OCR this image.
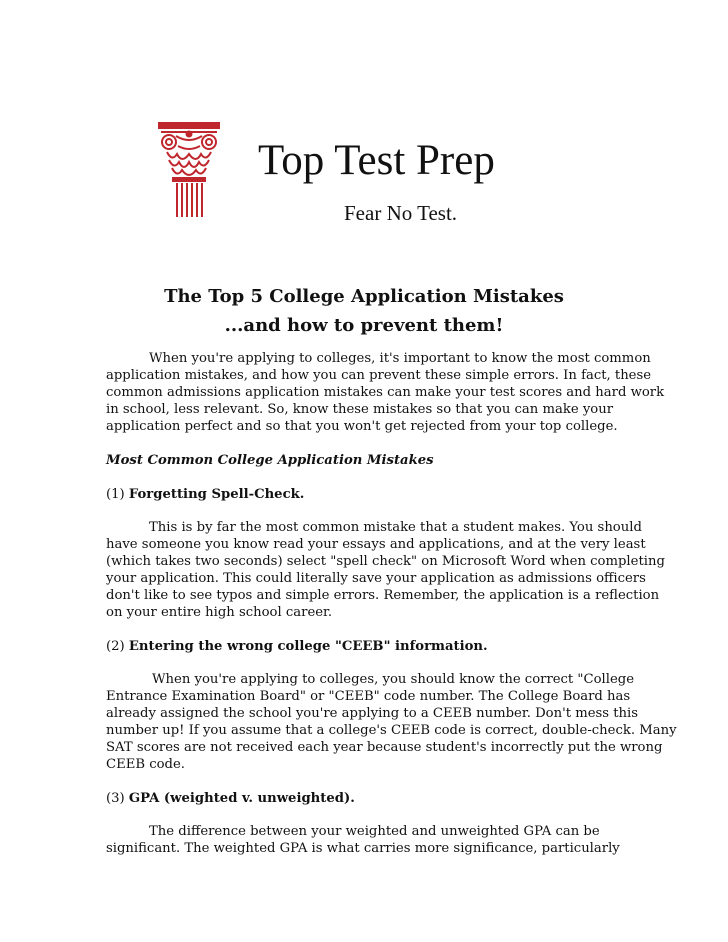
Top Test Prep
Fear No Test.
The Top 5 College Application Mistakes
...and how to prevent them!
When you're applying to colleges, it's important to know the most common
application mistakes, and how you can prevent these simple errors. In fact, these
common admissions application mistakes can make your test scores and hard work
in school, less relevant. So, know these mistakes so that you can make your
application perfect and so that you won't get rejected from your top college.
Most Common College Application Mistakes
(1) Forgetting Spell-Check.
This is by far the most common mistake that a student makes. You should
have someone you know read your essays and applications, and at the very least
(which takes two seconds) select "spell check" on Microsoft Word when completing
your application. This could literally save your application as admissions officers
don't like to see typos and simple errors. Remember, the application is a reflection
on your entire high school career.
(2) Entering the wrong college "CEEB" information.
When you're applying to colleges, you should know the correct "College
Entrance Examination Board" or "CEEB" code number. The College Board has
already assigned the school you're applying to a CEEB number. Don't mess this
number up! If you assume that a college's CEEB code is correct, double-check. Many
SAT scores are not received each year because student's incorrectly put the wrong
CEEB code.
(3) GPA (weighted v. unweighted).
The difference between your weighted and unweighted GPA can be
significant. The weighted GPA is what carries more significance, particularly
